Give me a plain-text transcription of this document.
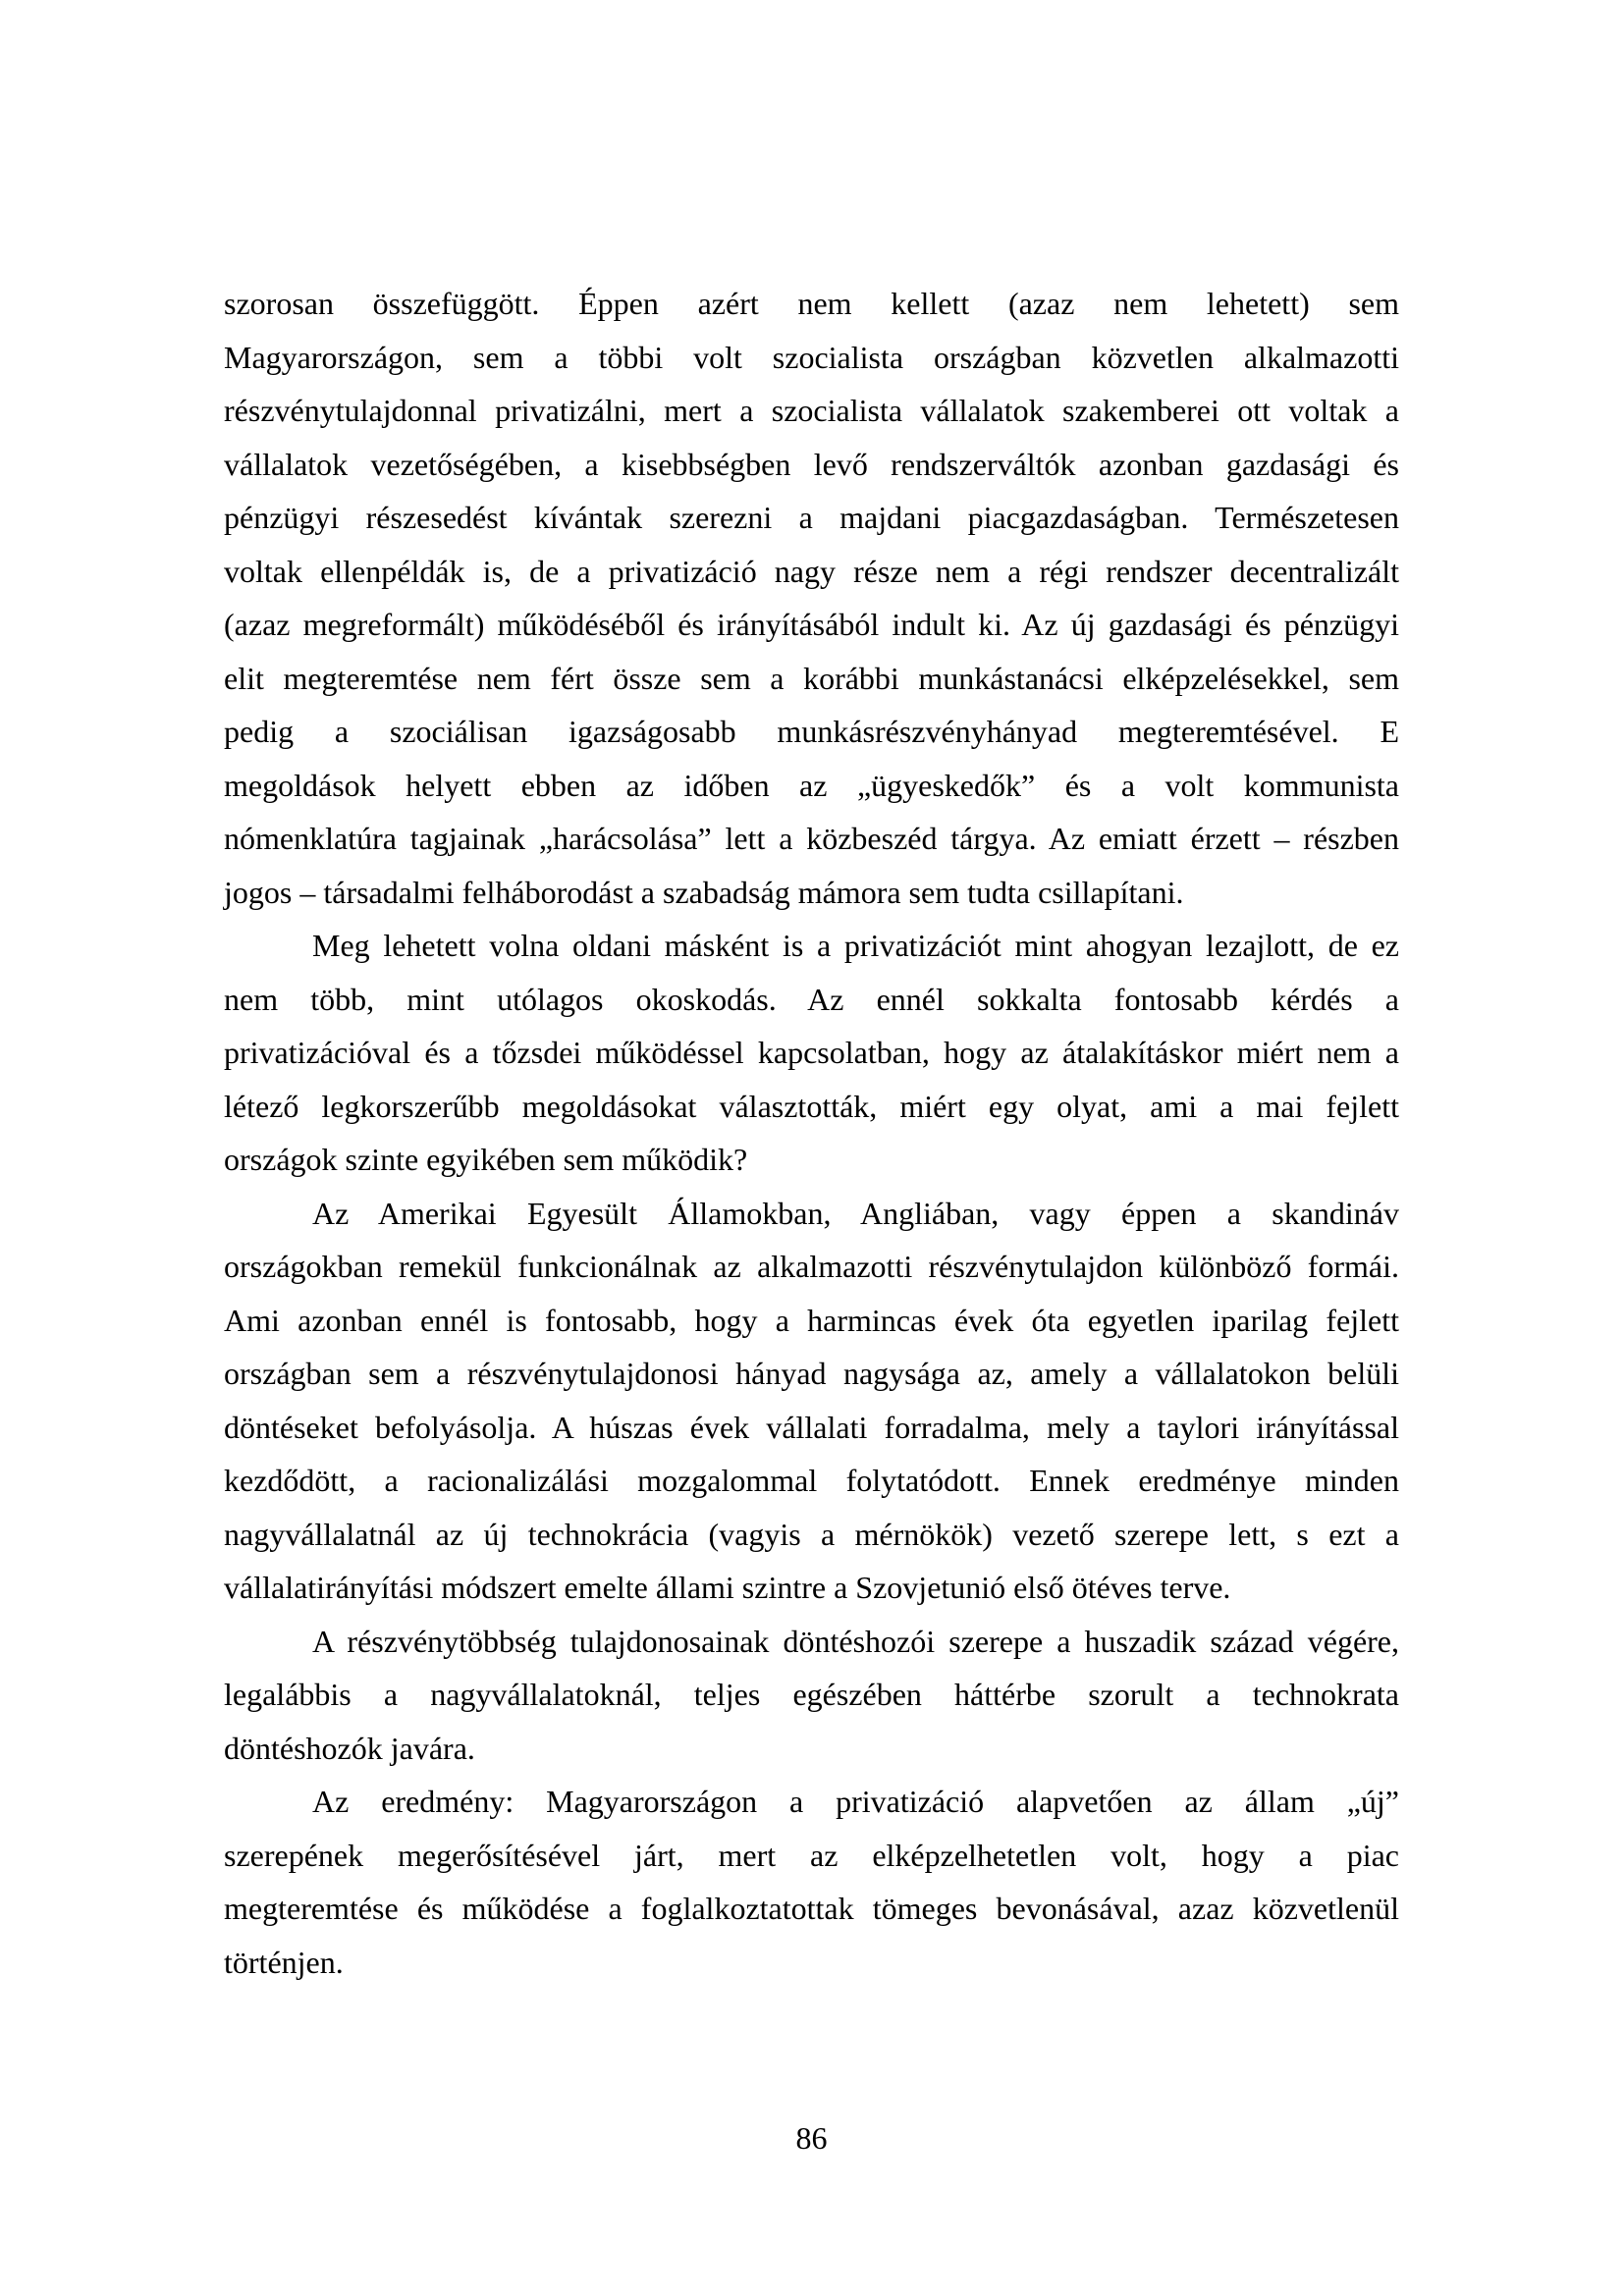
szorosan összefüggött. Éppen azért nem kellett (azaz nem lehetett) sem
Magyarországon, sem a többi volt szocialista országban közvetlen alkalmazotti
részvénytulajdonnal privatizálni, mert a szocialista vállalatok szakemberei ott voltak a
vállalatok vezetőségében, a kisebbségben levő rendszerváltók azonban gazdasági és
pénzügyi részesedést kívántak szerezni a majdani piacgazdaságban. Természetesen
voltak ellenpéldák is, de a privatizáció nagy része nem a régi rendszer decentralizált
(azaz megreformált) működéséből és irányításából indult ki. Az új gazdasági és pénzügyi
elit megteremtése nem fért össze sem a korábbi munkástanácsi elképzelésekkel, sem
pedig a szociálisan igazságosabb munkásrészvényhányad megteremtésével. E
megoldások helyett ebben az időben az „ügyeskedők” és a volt kommunista
nómenklatúra tagjainak „harácsolása” lett a közbeszéd tárgya. Az emiatt érzett – részben
jogos – társadalmi felháborodást a szabadság mámora sem tudta csillapítani.
Meg lehetett volna oldani másként is a privatizációt mint ahogyan lezajlott, de ez
nem több, mint utólagos okoskodás. Az ennél sokkalta fontosabb kérdés a
privatizációval és a tőzsdei működéssel kapcsolatban, hogy az átalakításkor miért nem a
létező legkorszerűbb megoldásokat választották, miért egy olyat, ami a mai fejlett
országok szinte egyikében sem működik?
Az Amerikai Egyesült Államokban, Angliában, vagy éppen a skandináv
országokban remekül funkcionálnak az alkalmazotti részvénytulajdon különböző formái.
Ami azonban ennél is fontosabb, hogy a harmincas évek óta egyetlen iparilag fejlett
országban sem a részvénytulajdonosi hányad nagysága az, amely a vállalatokon belüli
döntéseket befolyásolja. A húszas évek vállalati forradalma, mely a taylori irányítással
kezdődött, a racionalizálási mozgalommal folytatódott. Ennek eredménye minden
nagyvállalatnál az új technokrácia (vagyis a mérnökök) vezető szerepe lett, s ezt a
vállalatirányítási módszert emelte állami szintre a Szovjetunió első ötéves terve.
A részvénytöbbség tulajdonosainak döntéshozói szerepe a huszadik század végére,
legalábbis a nagyvállalatoknál, teljes egészében háttérbe szorult a technokrata
döntéshozók javára.
Az eredmény: Magyarországon a privatizáció alapvetően az állam „új”
szerepének megerősítésével járt, mert az elképzelhetetlen volt, hogy a piac
megteremtése és működése a foglalkoztatottak tömeges bevonásával, azaz közvetlenül
történjen.
86
